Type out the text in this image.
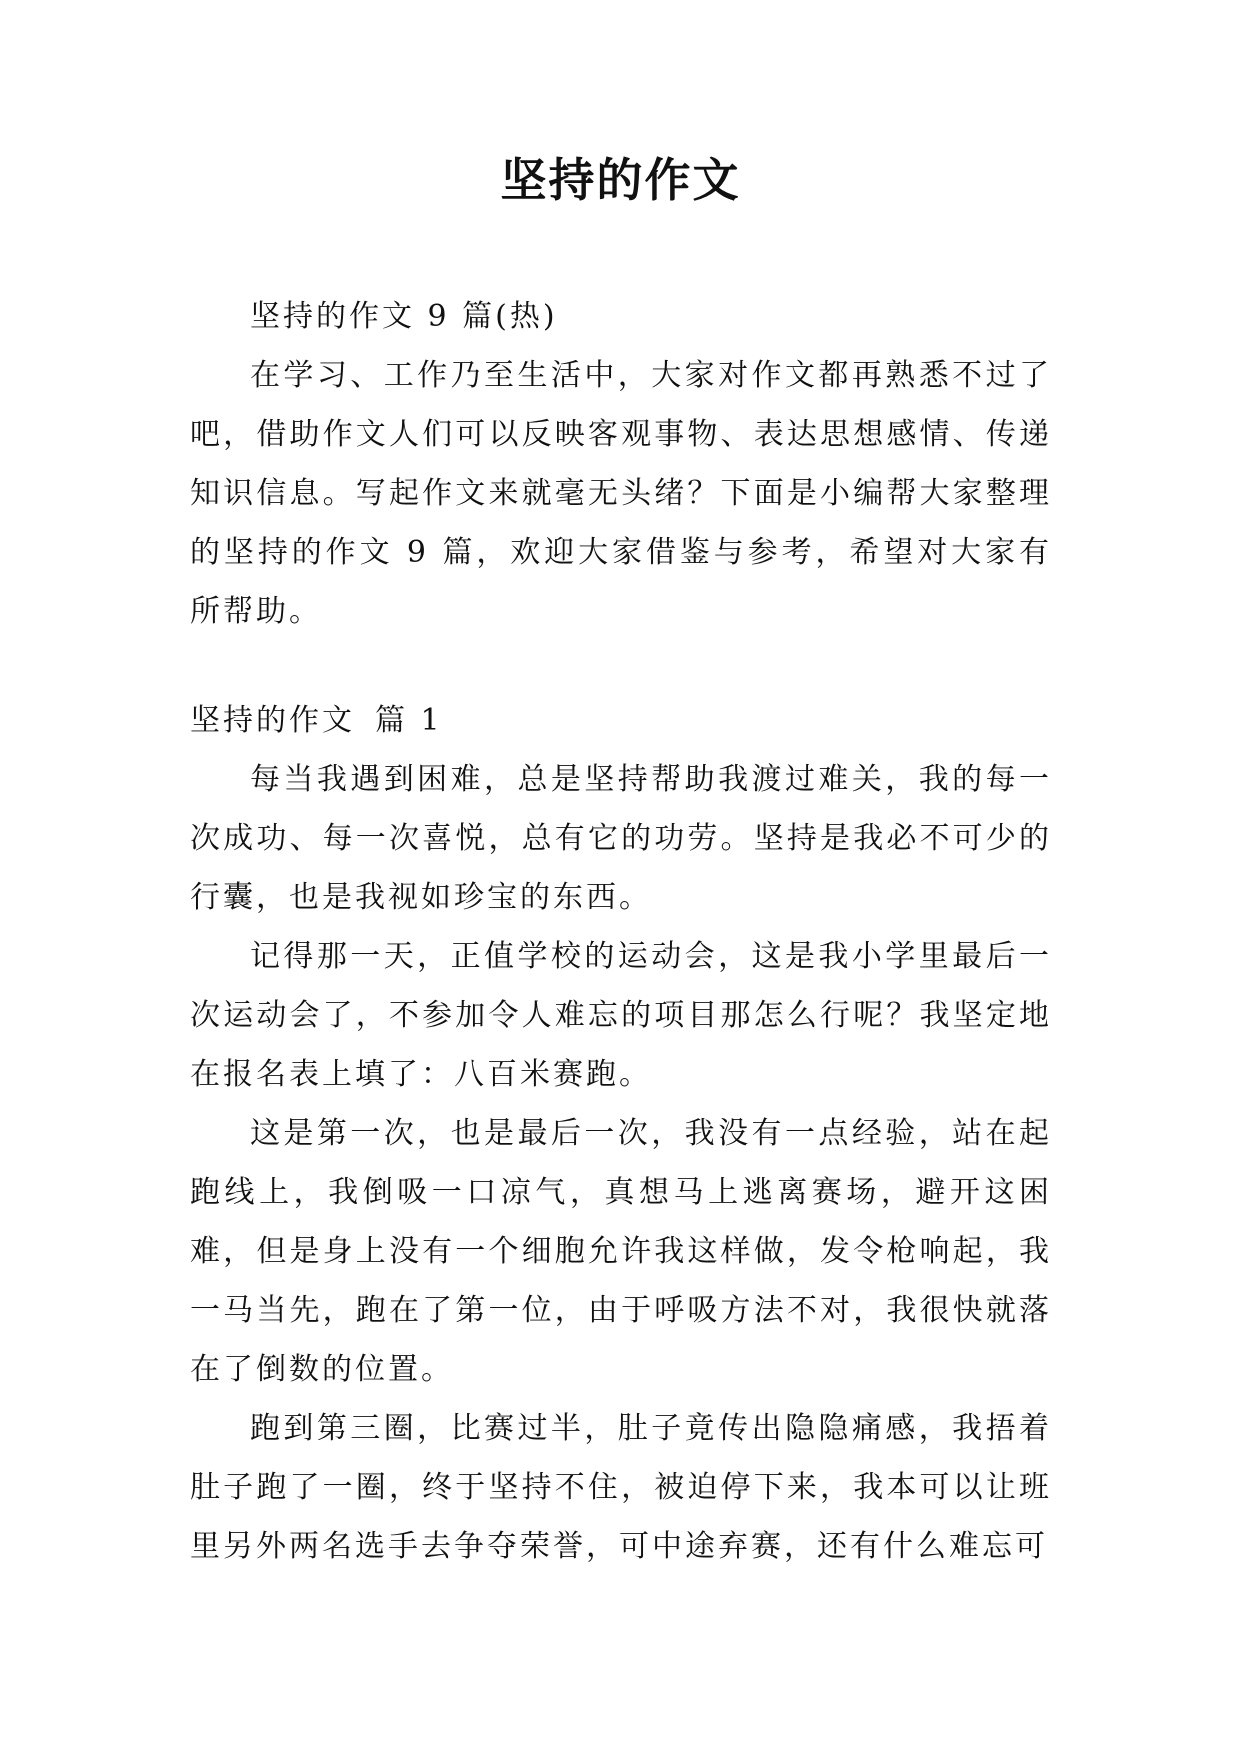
坚持的作文

坚持的作文 9 篇(热)

在学习、工作乃至生活中，大家对作文都再熟悉不过了吧，借助作文人们可以反映客观事物、表达思想感情、传递知识信息。写起作文来就毫无头绪？下面是小编帮大家整理的坚持的作文 9 篇，欢迎大家借鉴与参考，希望对大家有所帮助。

坚持的作文 篇 1

每当我遇到困难，总是坚持帮助我渡过难关，我的每一次成功、每一次喜悦，总有它的功劳。坚持是我必不可少的行囊，也是我视如珍宝的东西。

记得那一天，正值学校的运动会，这是我小学里最后一次运动会了，不参加令人难忘的项目那怎么行呢？我坚定地在报名表上填了：八百米赛跑。

这是第一次，也是最后一次，我没有一点经验，站在起跑线上，我倒吸一口凉气，真想马上逃离赛场，避开这困难，但是身上没有一个细胞允许我这样做，发令枪响起，我一马当先，跑在了第一位，由于呼吸方法不对，我很快就落在了倒数的位置。

跑到第三圈，比赛过半，肚子竟传出隐隐痛感，我捂着肚子跑了一圈，终于坚持不住，被迫停下来，我本可以让班里另外两名选手去争夺荣誉，可中途弃赛，还有什么难忘可
